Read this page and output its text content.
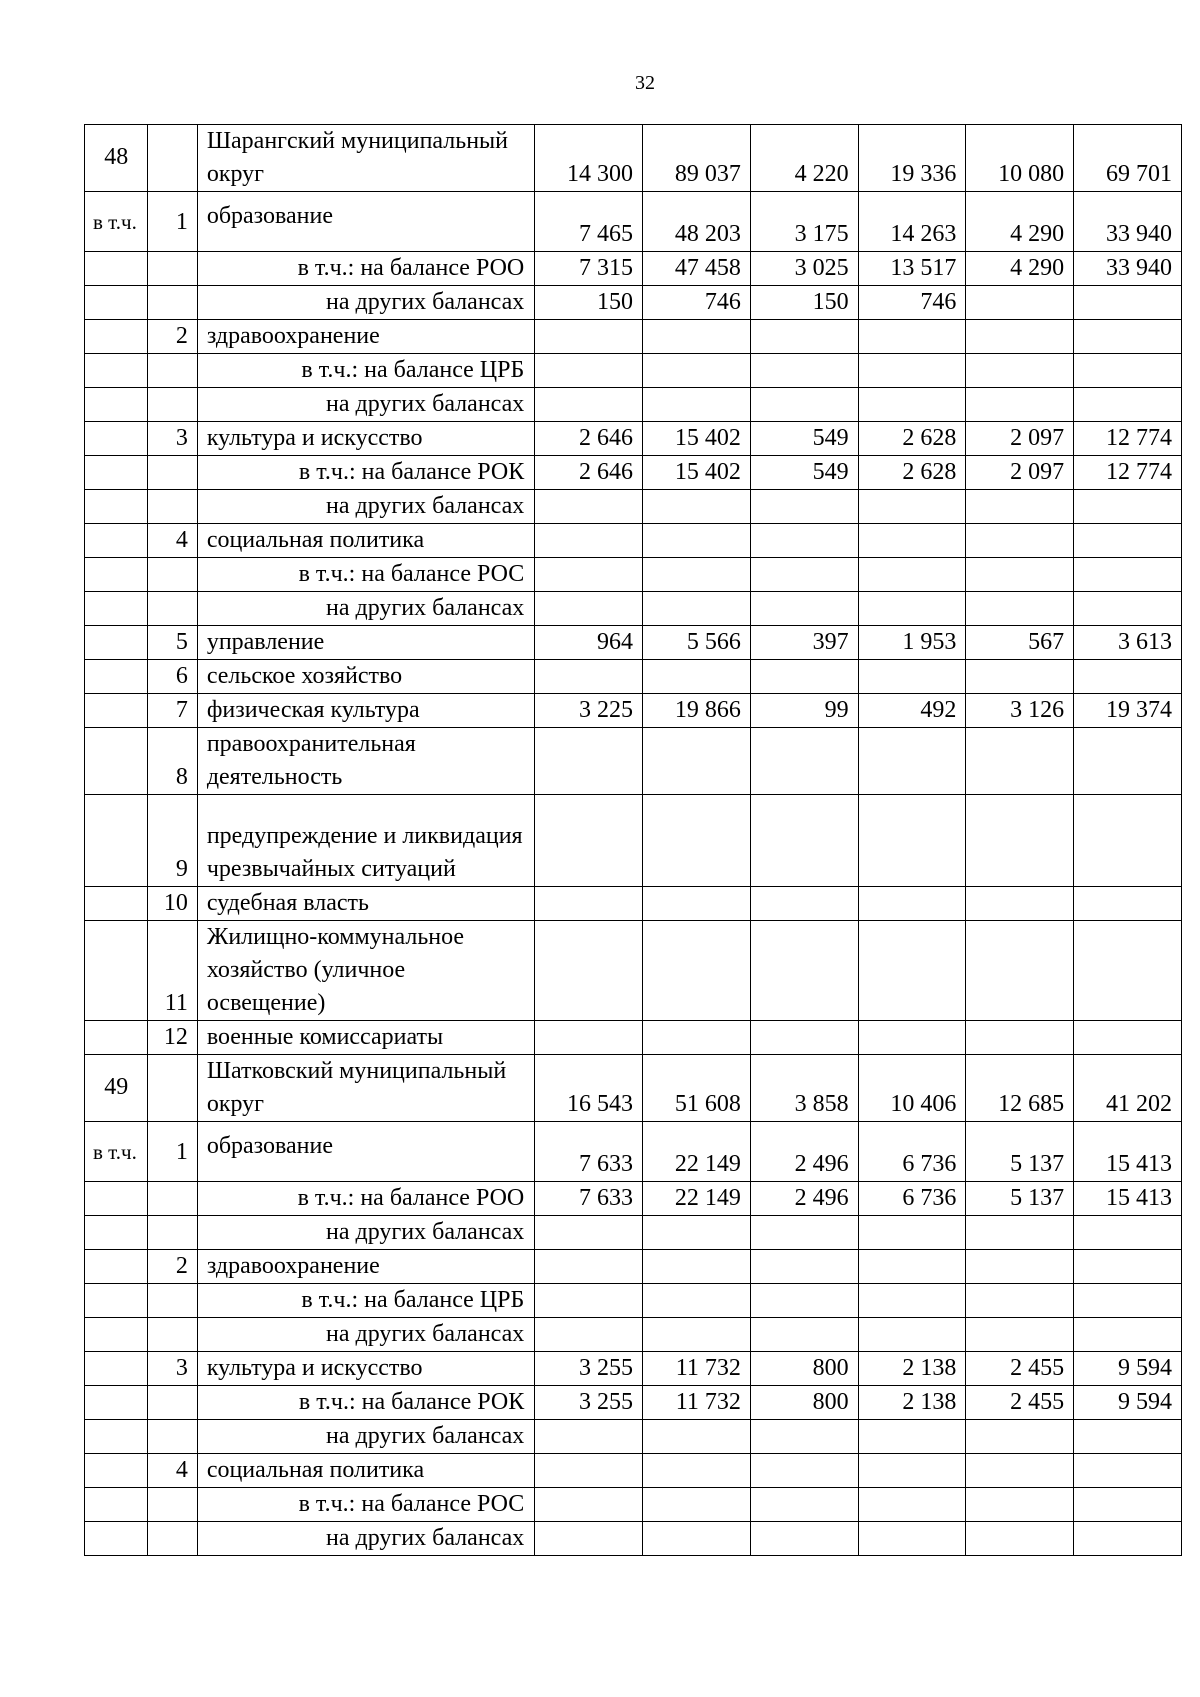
32
48		Шарангский муниципальный округ	14 300	89 037	4 220	19 336	10 080	69 701
в т.ч.	1	образование	7 465	48 203	3 175	14 263	4 290	33 940
		в т.ч.: на балансе РОО	7 315	47 458	3 025	13 517	4 290	33 940
		на других балансах	150	746	150	746		
	2	здравоохранение						
		в т.ч.: на балансе ЦРБ						
		на других балансах						
	3	культура и искусство	2 646	15 402	549	2 628	2 097	12 774
		в т.ч.: на балансе РОК	2 646	15 402	549	2 628	2 097	12 774
		на других балансах						
	4	социальная политика						
		в т.ч.: на балансе РОС						
		на других балансах						
	5	управление	964	5 566	397	1 953	567	3 613
	6	сельское хозяйство						
	7	физическая культура	3 225	19 866	99	492	3 126	19 374
	8	правоохранительная деятельность						
	9	предупреждение и ликвидация чрезвычайных ситуаций						
	10	судебная власть						
	11	Жилищно-коммунальное хозяйство (уличное освещение)						
	12	военные комиссариаты						
49		Шатковский муниципальный округ	16 543	51 608	3 858	10 406	12 685	41 202
в т.ч.	1	образование	7 633	22 149	2 496	6 736	5 137	15 413
		в т.ч.: на балансе РОО	7 633	22 149	2 496	6 736	5 137	15 413
		на других балансах						
	2	здравоохранение						
		в т.ч.: на балансе ЦРБ						
		на других балансах						
	3	культура и искусство	3 255	11 732	800	2 138	2 455	9 594
		в т.ч.: на балансе РОК	3 255	11 732	800	2 138	2 455	9 594
		на других балансах						
	4	социальная политика						
		в т.ч.: на балансе РОС						
		на других балансах						
